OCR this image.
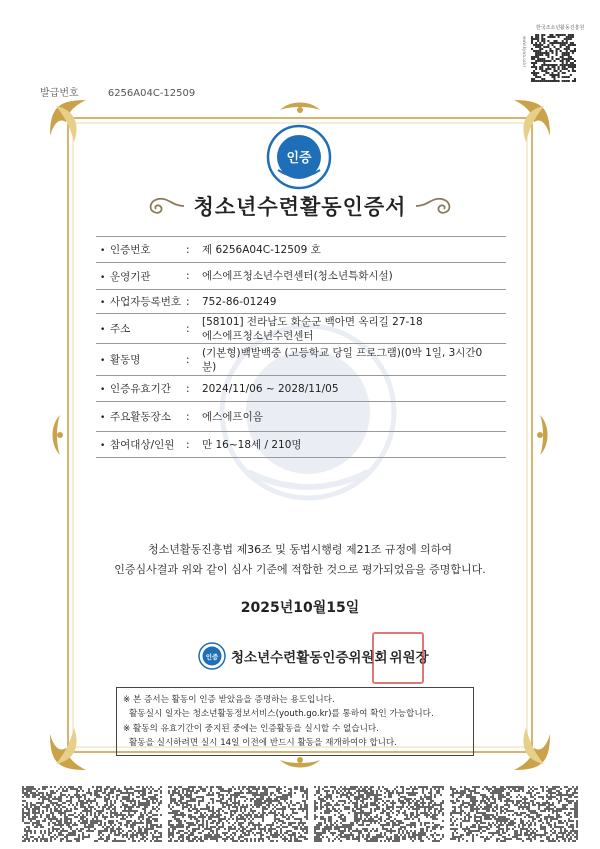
한국조소년활동진흥원
www.kywa.or.kr
발급번호	6256A04C-12509
인증
청소년수련활동인증서
• 인증번호	:	제 6256A04C-12509 호
• 운영기관	:	에스에프청소년수련센터(청소년특화시설)
• 사업자등록번호 :	752-86-01249
• 주소	:
[58101] 전라남도 화순군 백아면 옥리길 27-18
에스에프청소년수련센터
• 활동명	:
(기본형)백발백중 (고등학교 당일 프로그램)(0박 1일, 3시간0
분)
• 인증유효기간	:	2024/11/06 ~ 2028/11/05
• 주요활동장소	:	에스에프이음
• 참여대상/인원	:	만 16~18세 / 210명
청소년활동진흥법 제36조 및 동법시행령 제21조 규정에 의하여
인증심사결과 위와 같이 심사 기준에 적합한 것으로 평가되었음을 증명합니다.
2025년10월15일
인증 청소년수련활동인증위원회 위원장
※ 본 증서는 활동이 인증 받았음을 증명하는 용도입니다.
활동실시 일자는 청소년활동정보서비스(youth.go.kr)를 통하여 확인 가능합니다.
※ 활동의 유효기간이 중지된 중에는 인증활동을 실시할 수 없습니다.
활동을 실시하려면 실시 14일 이전에 반드시 활동을 재개하여야 합니다.
